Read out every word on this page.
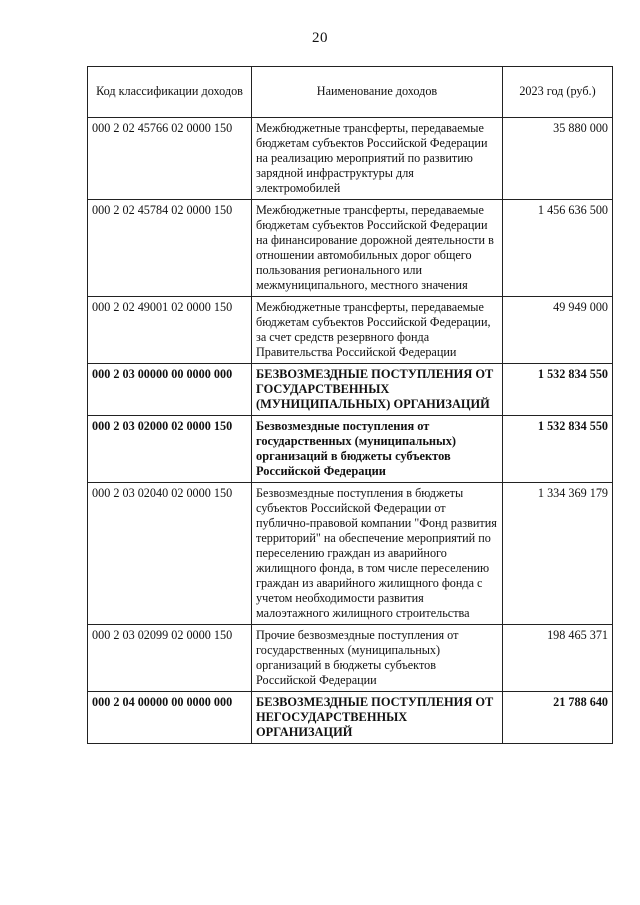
20
Код классификации доходов	Наименование доходов	2023 год (руб.)
000 2 02 45766 02 0000 150	Межбюджетные трансферты, передаваемые бюджетам субъектов Российской Федерации на реализацию мероприятий по развитию зарядной инфраструктуры для электромобилей	35 880 000
000 2 02 45784 02 0000 150	Межбюджетные трансферты, передаваемые бюджетам субъектов Российской Федерации на финансирование дорожной деятельности в отношении автомобильных дорог общего пользования регионального или межмуниципального, местного значения	1 456 636 500
000 2 02 49001 02 0000 150	Межбюджетные трансферты, передаваемые бюджетам субъектов Российской Федерации, за счет средств резервного фонда Правительства Российской Федерации	49 949 000
000 2 03 00000 00 0000 000	БЕЗВОЗМЕЗДНЫЕ ПОСТУПЛЕНИЯ ОТ ГОСУДАРСТВЕННЫХ (МУНИЦИПАЛЬНЫХ) ОРГАНИЗАЦИЙ	1 532 834 550
000 2 03 02000 02 0000 150	Безвозмездные поступления от государственных (муниципальных) организаций в бюджеты субъектов Российской Федерации	1 532 834 550
000 2 03 02040 02 0000 150	Безвозмездные поступления в бюджеты субъектов Российской Федерации от публично-правовой компании "Фонд развития территорий" на обеспечение мероприятий по переселению граждан из аварийного жилищного фонда, в том числе переселению граждан из аварийного жилищного фонда с учетом необходимости развития малоэтажного жилищного строительства	1 334 369 179
000 2 03 02099 02 0000 150	Прочие безвозмездные поступления от государственных (муниципальных) организаций в бюджеты субъектов Российской Федерации	198 465 371
000 2 04 00000 00 0000 000	БЕЗВОЗМЕЗДНЫЕ ПОСТУПЛЕНИЯ ОТ НЕГОСУДАРСТВЕННЫХ ОРГАНИЗАЦИЙ	21 788 640
